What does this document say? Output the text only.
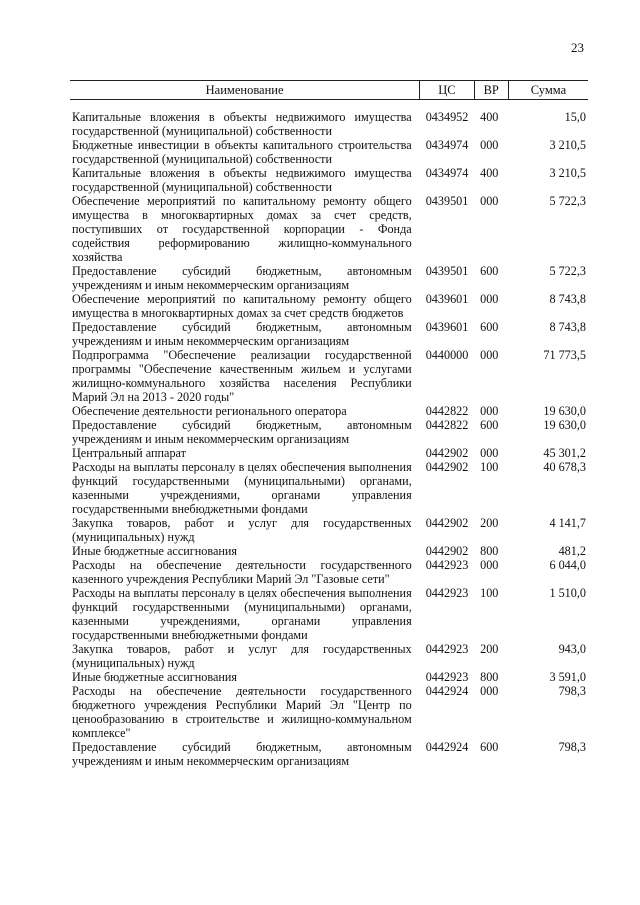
23
Наименование	ЦС	ВР	Сумма
Капитальные вложения в объекты недвижимого имущества государственной (муниципальной) собственности	0434952	400	15,0
Бюджетные инвестиции в объекты капитального строительства государственной (муниципальной) собственности	0434974	000	3 210,5
Капитальные вложения в объекты недвижимого имущества государственной (муниципальной) собственности	0434974	400	3 210,5
Обеспечение мероприятий по капитальному ремонту общего имущества в многоквартирных домах за счет средств, поступивших от государственной корпорации - Фонда содействия реформированию жилищно-коммунального хозяйства	0439501	000	5 722,3
Предоставление субсидий бюджетным, автономным учреждениям и иным некоммерческим организациям	0439501	600	5 722,3
Обеспечение мероприятий по капитальному ремонту общего имущества в многоквартирных домах за счет средств бюджетов	0439601	000	8 743,8
Предоставление субсидий бюджетным, автономным учреждениям и иным некоммерческим организациям	0439601	600	8 743,8
Подпрограмма "Обеспечение реализации государственной программы "Обеспечение качественным жильем и услугами жилищно-коммунального хозяйства населения Республики Марий Эл на 2013 - 2020 годы"	0440000	000	71 773,5
Обеспечение деятельности регионального оператора	0442822	000	19 630,0
Предоставление субсидий бюджетным, автономным учреждениям и иным некоммерческим организациям	0442822	600	19 630,0
Центральный аппарат	0442902	000	45 301,2
Расходы на выплаты персоналу в целях обеспечения выполнения функций государственными (муниципальными) органами, казенными учреждениями, органами управления государственными внебюджетными фондами	0442902	100	40 678,3
Закупка товаров, работ и услуг для государственных (муниципальных) нужд	0442902	200	4 141,7
Иные бюджетные ассигнования	0442902	800	481,2
Расходы на обеспечение деятельности государственного казенного учреждения Республики Марий Эл "Газовые сети"	0442923	000	6 044,0
Расходы на выплаты персоналу в целях обеспечения выполнения функций государственными (муниципальными) органами, казенными учреждениями, органами управления государственными внебюджетными фондами	0442923	100	1 510,0
Закупка товаров, работ и услуг для государственных (муниципальных) нужд	0442923	200	943,0
Иные бюджетные ассигнования	0442923	800	3 591,0
Расходы на обеспечение деятельности государственного бюджетного учреждения Республики Марий Эл "Центр по ценообразованию в строительстве и жилищно-коммунальном комплексе"	0442924	000	798,3
Предоставление субсидий бюджетным, автономным учреждениям и иным некоммерческим организациям	0442924	600	798,3
